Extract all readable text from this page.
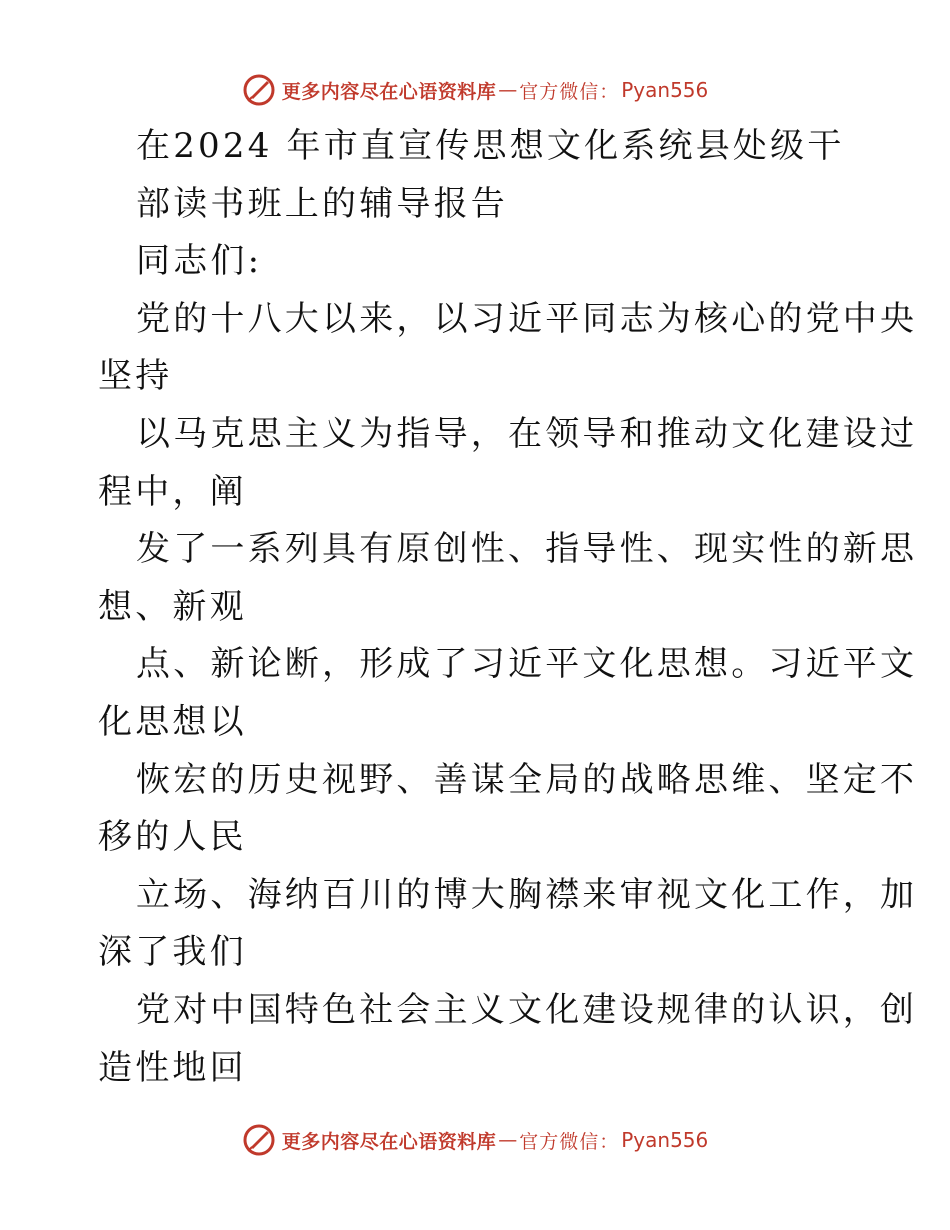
更多内容尽在心语资料库 — 官方微信： Pyan556
在2024 年市直宣传思想文化系统县处级干
部读书班上的辅导报告
同志们:
党的十八大以来，以习近平同志为核心的党中央
坚持
以马克思主义为指导，在领导和推动文化建设过
程中，阐
发了一系列具有原创性、指导性、现实性的新思
想、新观
点、新论断，形成了习近平文化思想。习近平文
化思想以
恢宏的历史视野、善谋全局的战略思维、坚定不
移的人民
立场、海纳百川的博大胸襟来审视文化工作，加
深了我们
党对中国特色社会主义文化建设规律的认识，创
造性地回
更多内容尽在心语资料库 — 官方微信： Pyan556
